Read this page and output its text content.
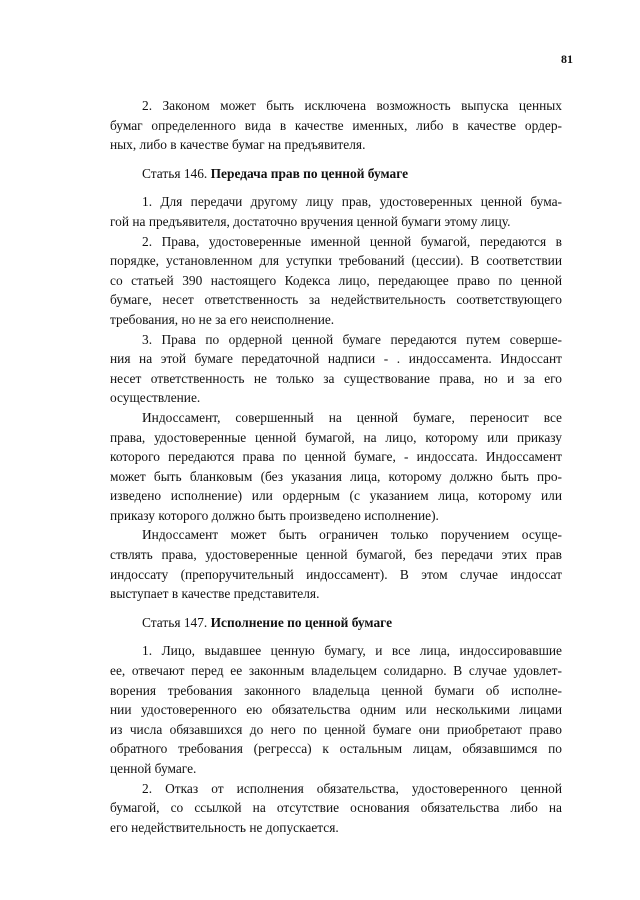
81
2. Законом может быть исключена возможность выпуска ценных
бумаг определенного вида в качестве именных, либо в качестве ордер-
ных, либо в качестве бумаг на предъявителя.
Статья 146. Передача прав по ценной бумаге
1. Для передачи другому лицу прав, удостоверенных ценной бума-
гой на предъявителя, достаточно вручения ценной бумаги этому лицу.
2. Права, удостоверенные именной ценной бумагой, передаются в
порядке, установленном для уступки требований (цессии). В соответствии
со статьей 390 настоящего Кодекса лицо, передающее право по ценной
бумаге, несет ответственность за недействительность соответствующего
требования, но не за его неисполнение.
3. Права по ордерной ценной бумаге передаются путем соверше-
ния на этой бумаге передаточной надписи - . индоссамента. Индоссант
несет ответственность не только за существование права, но и за его
осуществление.
Индоссамент, совершенный на ценной бумаге, переносит все
права, удостоверенные ценной бумагой, на лицо, которому или приказу
которого передаются права по ценной бумаге, - индоссата. Индоссамент
может быть бланковым (без указания лица, которому должно быть про-
изведено исполнение) или ордерным (с указанием лица, которому или
приказу которого должно быть произведено исполнение).
Индоссамент может быть ограничен только поручением осуще-
ствлять права, удостоверенные ценной бумагой, без передачи этих прав
индоссату (препоручительный индоссамент). В этом случае индоссат
выступает в качестве представителя.
Статья 147. Исполнение по ценной бумаге
1. Лицо, выдавшее ценную бумагу, и все лица, индоссировавшие
ее, отвечают перед ее законным владельцем солидарно. В случае удовлет-
ворения требования законного владельца ценной бумаги об исполне-
нии удостоверенного ею обязательства одним или несколькими лицами
из числа обязавшихся до него по ценной бумаге они приобретают право
обратного требования (регресса) к остальным лицам, обязавшимся по
ценной бумаге.
2. Отказ от исполнения обязательства, удостоверенного ценной
бумагой, со ссылкой на отсутствие основания обязательства либо на
его недействительность не допускается.
